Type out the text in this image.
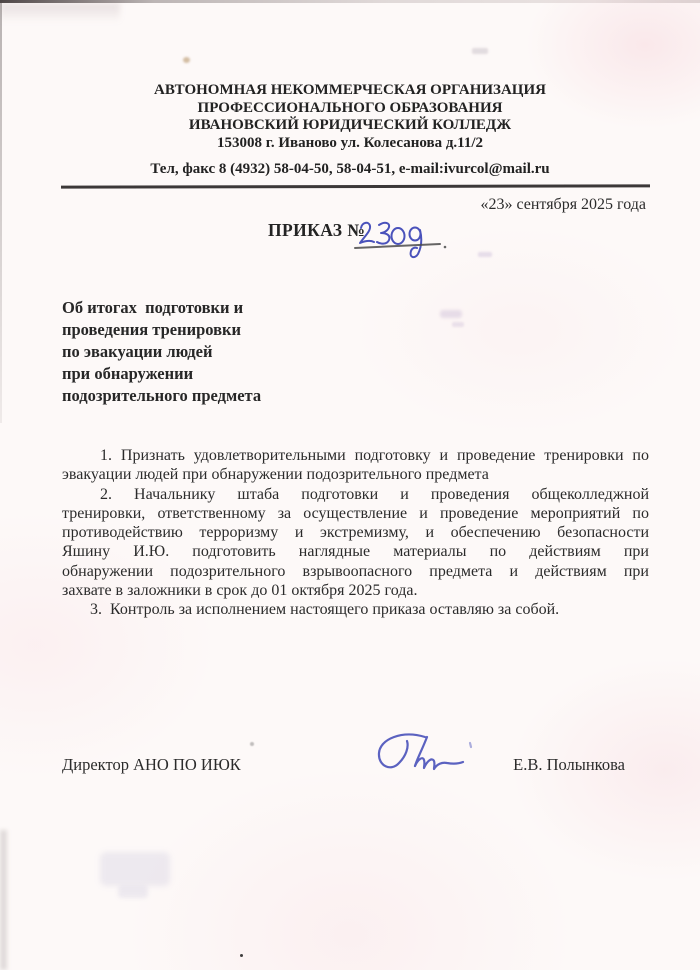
АВТОНОМНАЯ НЕКОММЕРЧЕСКАЯ ОРГАНИЗАЦИЯ
ПРОФЕССИОНАЛЬНОГО ОБРАЗОВАНИЯ
ИВАНОВСКИЙ ЮРИДИЧЕСКИЙ КОЛЛЕДЖ
153008 г. Иваново ул. Колесанова д.11/2
Тел, факс 8 (4932) 58-04-50, 58-04-51, e-mail:ivurcol@mail.ru
«23» сентября 2025 года
ПРИКАЗ №
Об итогах  подготовки и
проведения тренировки
по эвакуации людей
при обнаружении
подозрительного предмета
1. Признать удовлетворительными подготовку и проведение тренировки по
эвакуации людей при обнаружении подозрительного предмета
2. Начальнику штаба подготовки и проведения общеколледжной
тренировки, ответственному за осуществление и проведение мероприятий по
противодействию терроризму и экстремизму, и обеспечению безопасности
Яшину И.Ю. подготовить наглядные материалы по действиям при
обнаружении подозрительного взрывоопасного предмета и действиям при
захвате в заложники в срок до 01 октября 2025 года.
3.  Контроль за исполнением настоящего приказа оставляю за собой.
Директор АНО ПО ИЮК	Е.В. Полынкова
